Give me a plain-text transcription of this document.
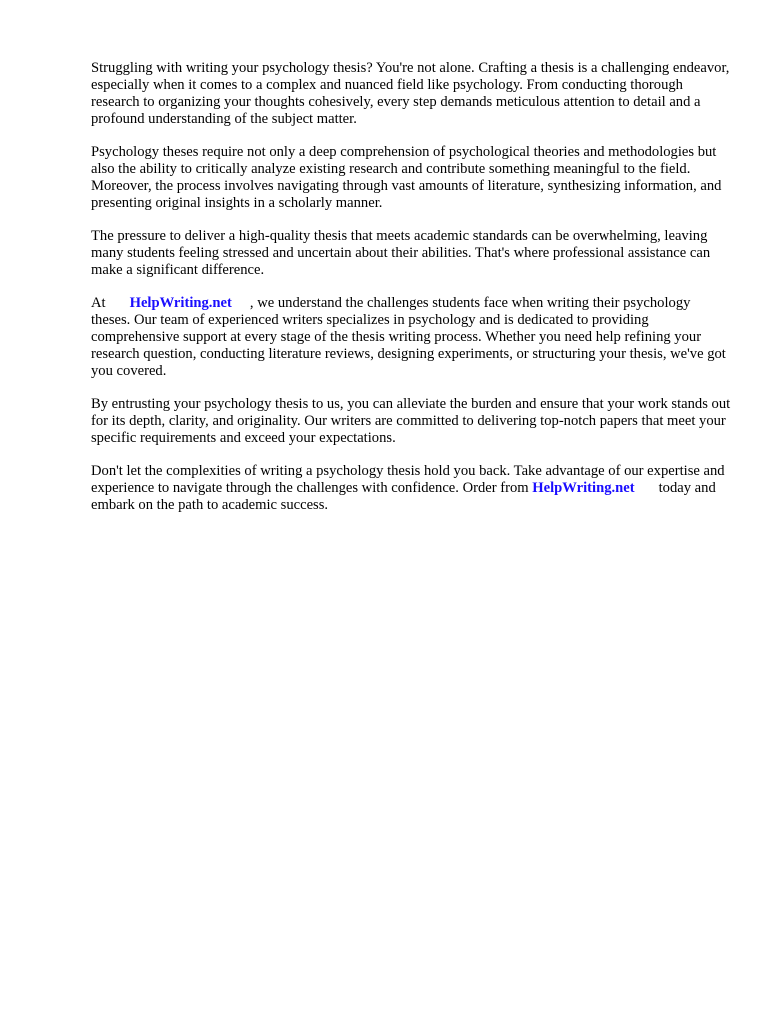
Struggling with writing your psychology thesis? You're not alone. Crafting a thesis is a challenging endeavor, especially when it comes to a complex and nuanced field like psychology. From conducting thorough research to organizing your thoughts cohesively, every step demands meticulous attention to detail and a profound understanding of the subject matter.

Psychology theses require not only a deep comprehension of psychological theories and methodologies but also the ability to critically analyze existing research and contribute something meaningful to the field. Moreover, the process involves navigating through vast amounts of literature, synthesizing information, and presenting original insights in a scholarly manner.

The pressure to deliver a high-quality thesis that meets academic standards can be overwhelming, leaving many students feeling stressed and uncertain about their abilities. That's where professional assistance can make a significant difference.

At HelpWriting.net , we understand the challenges students face when writing their psychology theses. Our team of experienced writers specializes in psychology and is dedicated to providing comprehensive support at every stage of the thesis writing process. Whether you need help refining your research question, conducting literature reviews, designing experiments, or structuring your thesis, we've got you covered.

By entrusting your psychology thesis to us, you can alleviate the burden and ensure that your work stands out for its depth, clarity, and originality. Our writers are committed to delivering top-notch papers that meet your specific requirements and exceed your expectations.

Don't let the complexities of writing a psychology thesis hold you back. Take advantage of our expertise and experience to navigate through the challenges with confidence. Order from HelpWriting.net today and embark on the path to academic success.
